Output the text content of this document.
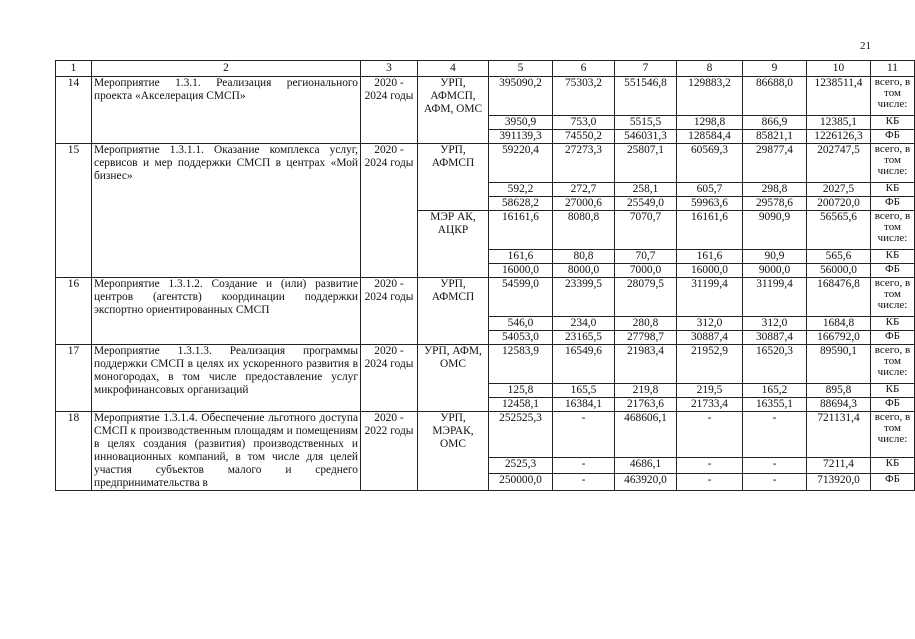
21
1	2	3	4	5	6	7	8	9	10	11
14	Мероприятие 1.3.1. Реализация регионального проекта «Акселерация СМСП»	2020 - 2024 годы	УРП, АФМСП, АФМ, ОМС	395090,2	75303,2	551546,8	129883,2	86688,0	1238511,4	всего, в том числе:
				3950,9	753,0	5515,5	1298,8	866,9	12385,1	КБ
				391139,3	74550,2	546031,3	128584,4	85821,1	1226126,3	ФБ
15	Мероприятие 1.3.1.1. Оказание комплекса услуг, сервисов и мер поддержки СМСП в центрах «Мой бизнес»	2020 - 2024 годы	УРП, АФМСП	59220,4	27273,3	25807,1	60569,3	29877,4	202747,5	всего, в том числе:
				592,2	272,7	258,1	605,7	298,8	2027,5	КБ
				58628,2	27000,6	25549,0	59963,6	29578,6	200720,0	ФБ
			МЭР АК, АЦКР	16161,6	8080,8	7070,7	16161,6	9090,9	56565,6	всего, в том числе:
				161,6	80,8	70,7	161,6	90,9	565,6	КБ
				16000,0	8000,0	7000,0	16000,0	9000,0	56000,0	ФБ
16	Мероприятие 1.3.1.2. Создание и (или) развитие центров (агентств) координации поддержки экспортно ориентированных СМСП	2020 - 2024 годы	УРП, АФМСП	54599,0	23399,5	28079,5	31199,4	31199,4	168476,8	всего, в том числе:
				546,0	234,0	280,8	312,0	312,0	1684,8	КБ
				54053,0	23165,5	27798,7	30887,4	30887,4	166792,0	ФБ
17	Мероприятие 1.3.1.3. Реализация программы поддержки СМСП в целях их ускоренного развития в моногородах, в том числе предоставление услуг микрофинансовых организаций	2020 - 2024 годы	УРП, АФМ, ОМС	12583,9	16549,6	21983,4	21952,9	16520,3	89590,1	всего, в том числе:
				125,8	165,5	219,8	219,5	165,2	895,8	КБ
				12458,1	16384,1	21763,6	21733,4	16355,1	88694,3	ФБ
18	Мероприятие 1.3.1.4. Обеспечение льготного доступа СМСП к производственным площадям и помещениям в целях создания (развития) производственных и инновационных компаний, в том числе для целей участия субъектов малого и среднего предпринимательства в	2020 - 2022 годы	УРП, МЭРАК, ОМС	252525,3	-	468606,1	-	-	721131,4	всего, в том числе:
				2525,3	-	4686,1	-	-	7211,4	КБ
				250000,0	-	463920,0	-	-	713920,0	ФБ
